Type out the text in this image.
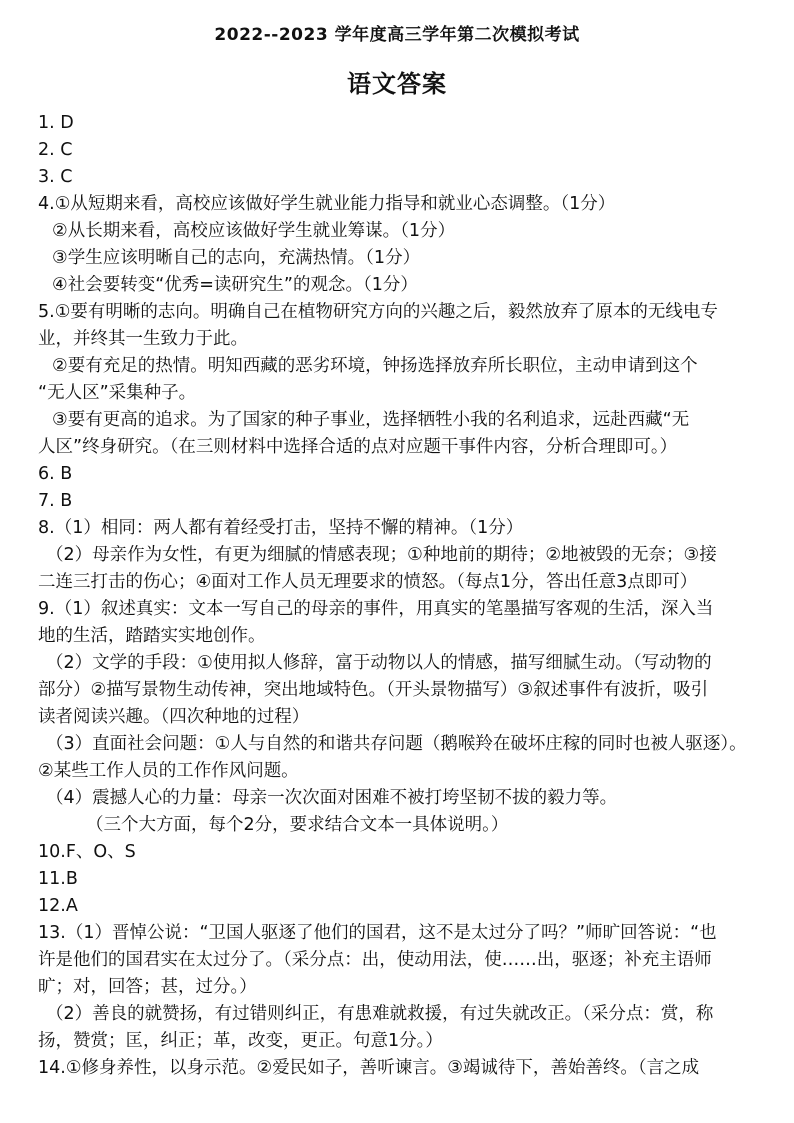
2022--2023 学年度高三学年第二次模拟考试
语文答案

1. D

2. C

3. C

4.①从短期来看，高校应该做好学生就业能力指导和就业心态调整。（1分）

②从长期来看，高校应该做好学生就业筹谋。（1分）

③学生应该明晰自己的志向，充满热情。（1分）

④社会要转变“优秀=读研究生”的观念。（1分）

5.①要有明晰的志向。明确自己在植物研究方向的兴趣之后，毅然放弃了原本的无线电专

业，并终其一生致力于此。

②要有充足的热情。明知西藏的恶劣环境，钟扬选择放弃所长职位，主动申请到这个

“无人区”采集种子。

③要有更高的追求。为了国家的种子事业，选择牺牲小我的名利追求，远赴西藏“无

人区”终身研究。（在三则材料中选择合适的点对应题干事件内容，分析合理即可。）

6. B

7. B

8.（1）相同：两人都有着经受打击，坚持不懈的精神。（1分）

（2）母亲作为女性，有更为细腻的情感表现；①种地前的期待；②地被毁的无奈；③接

二连三打击的伤心；④面对工作人员无理要求的愤怒。（每点1分，答出任意3点即可）

9.（1）叙述真实：文本一写自己的母亲的事件，用真实的笔墨描写客观的生活，深入当

地的生活，踏踏实实地创作。

（2）文学的手段：①使用拟人修辞，富于动物以人的情感，描写细腻生动。（写动物的

部分）②描写景物生动传神，突出地域特色。（开头景物描写）③叙述事件有波折，吸引

读者阅读兴趣。（四次种地的过程）

（3）直面社会问题：①人与自然的和谐共存问题（鹅喉羚在破坏庄稼的同时也被人驱逐）。

②某些工作人员的工作作风问题。

（4）震撼人心的力量：母亲一次次面对困难不被打垮坚韧不拔的毅力等。

（三个大方面，每个2分，要求结合文本一具体说明。）

10.F、O、S

11.B

12.A

13.（1）晋悼公说：“卫国人驱逐了他们的国君，这不是太过分了吗？”师旷回答说：“也

许是他们的国君实在太过分了。（采分点：出，使动用法，使……出，驱逐；补充主语师

旷；对，回答；甚，过分。）

（2）善良的就赞扬，有过错则纠正，有患难就救援，有过失就改正。（采分点：赏，称

扬，赞赏；匡，纠正；革，改变，更正。句意1分。）

14.①修身养性，以身示范。②爱民如子，善听谏言。③竭诚待下，善始善终。（言之成
